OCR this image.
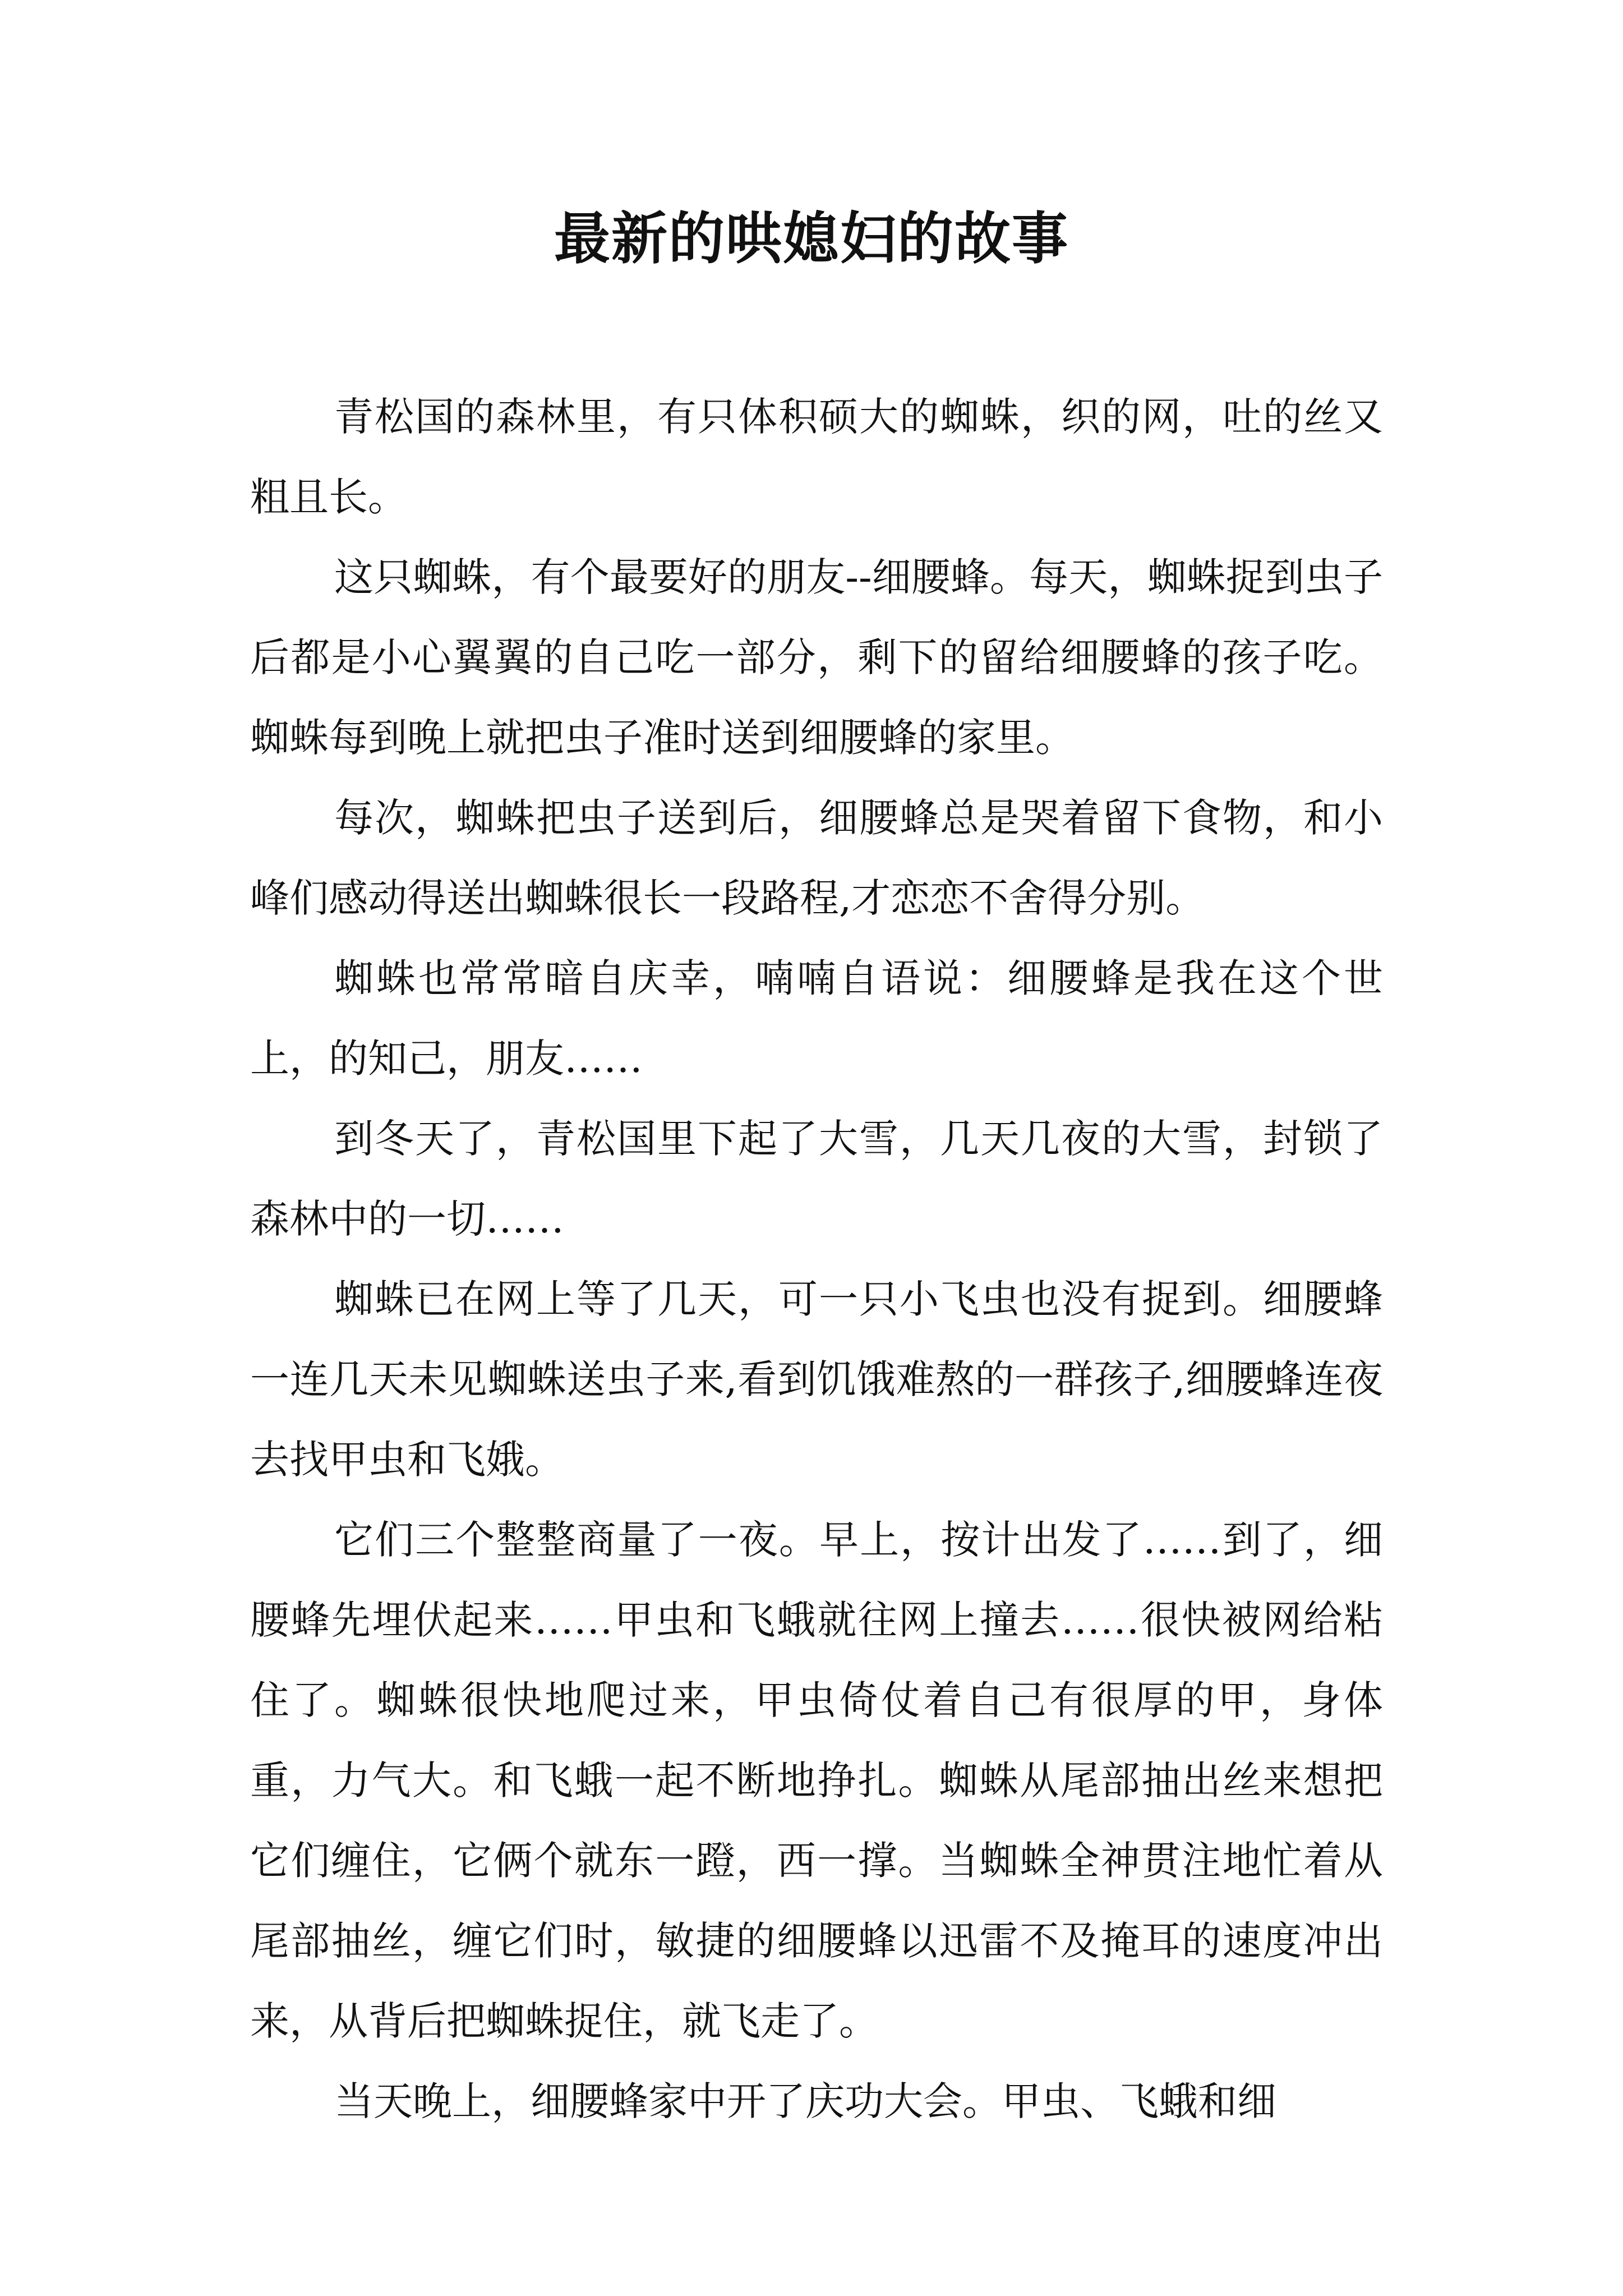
最新的哄媳妇的故事

青松国的森林里，有只体积硕大的蜘蛛，织的网，吐的丝又粗且长。

这只蜘蛛，有个最要好的朋友--细腰蜂。每天，蜘蛛捉到虫子后都是小心翼翼的自己吃一部分，剩下的留给细腰蜂的孩子吃。蜘蛛每到晚上就把虫子准时送到细腰蜂的家里。

每次，蜘蛛把虫子送到后，细腰蜂总是哭着留下食物，和小峰们感动得送出蜘蛛很长一段路程,才恋恋不舍得分别。

蜘蛛也常常暗自庆幸，喃喃自语说：细腰蜂是我在这个世上，的知己，朋友……

到冬天了，青松国里下起了大雪，几天几夜的大雪，封锁了森林中的一切……

蜘蛛已在网上等了几天，可一只小飞虫也没有捉到。细腰蜂一连几天未见蜘蛛送虫子来,看到饥饿难熬的一群孩子,细腰蜂连夜去找甲虫和飞娥。

它们三个整整商量了一夜。早上，按计出发了……到了，细腰蜂先埋伏起来……甲虫和飞蛾就往网上撞去……很快被网给粘住了。蜘蛛很快地爬过来，甲虫倚仗着自己有很厚的甲，身体重，力气大。和飞蛾一起不断地挣扎。蜘蛛从尾部抽出丝来想把它们缠住，它俩个就东一蹬，西一撑。当蜘蛛全神贯注地忙着从尾部抽丝，缠它们时，敏捷的细腰蜂以迅雷不及掩耳的速度冲出来，从背后把蜘蛛捉住，就飞走了。

当天晚上，细腰蜂家中开了庆功大会。甲虫、飞蛾和细
